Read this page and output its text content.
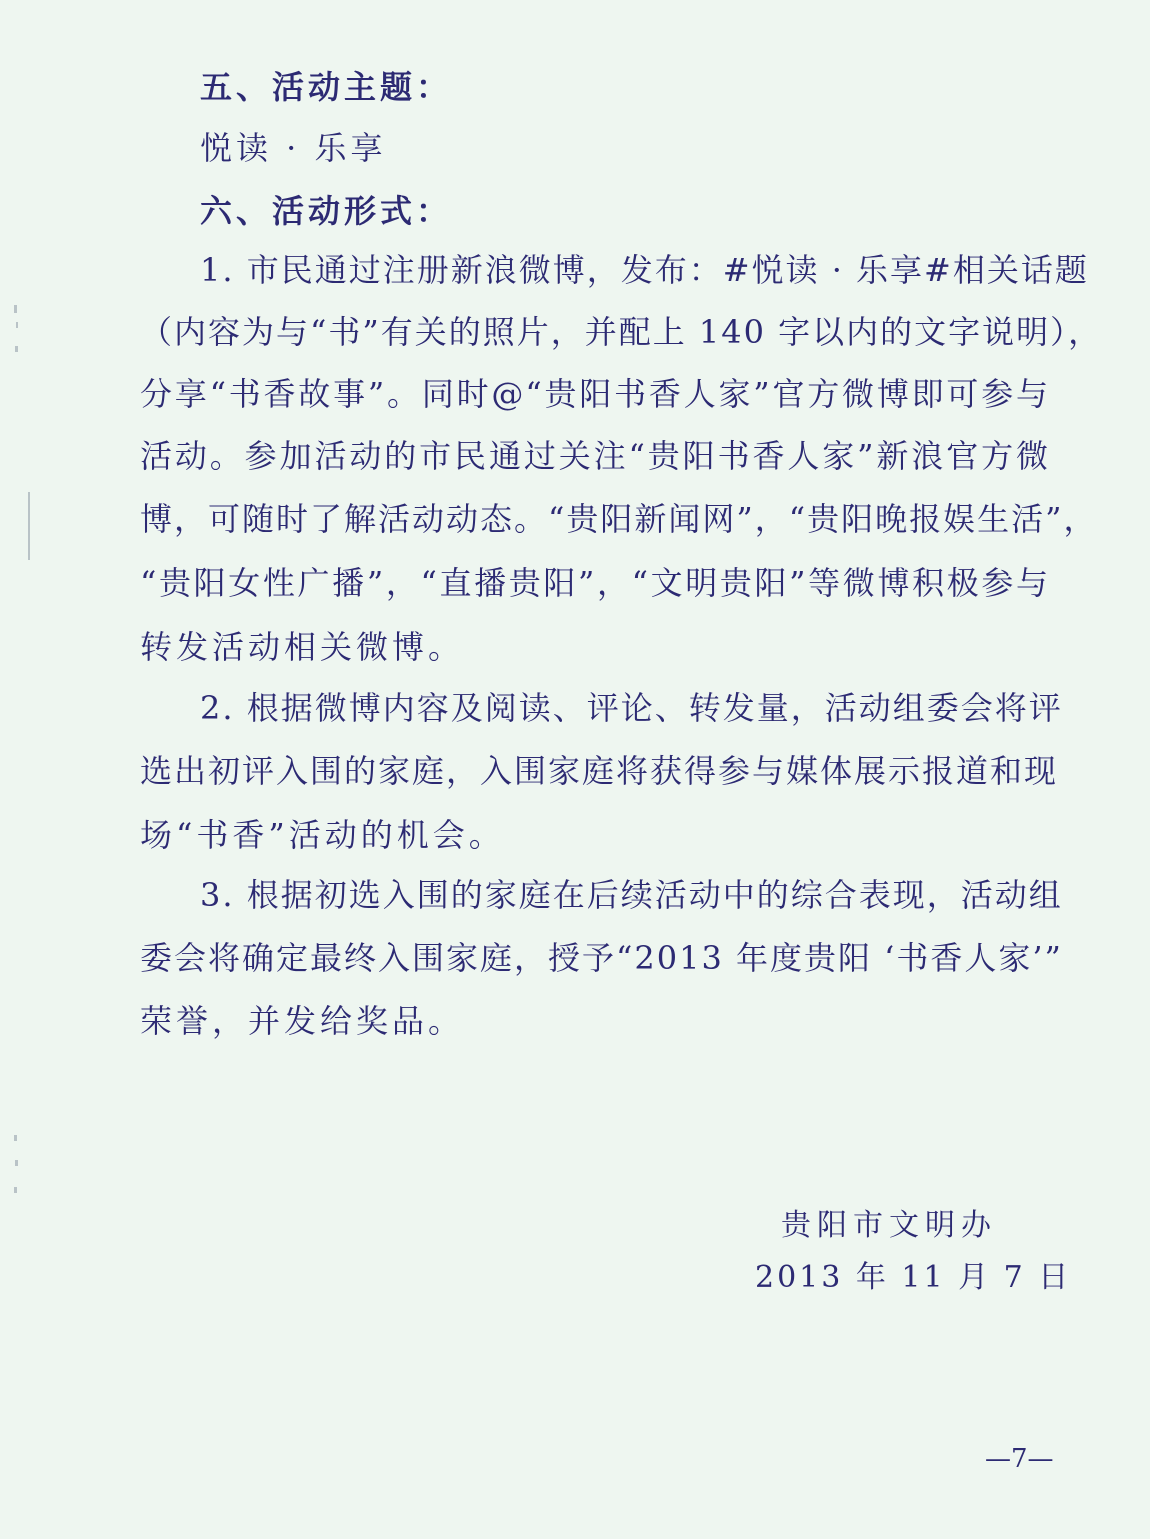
五、活动主题：
悦读 · 乐享
六、活动形式：
1. 市民通过注册新浪微博，发布：#悦读 · 乐享#相关话题
（内容为与“书”有关的照片，并配上 140 字以内的文字说明），
分享“书香故事”。同时@“贵阳书香人家”官方微博即可参与
活动。参加活动的市民通过关注“贵阳书香人家”新浪官方微
博，可随时了解活动动态。“贵阳新闻网”，“贵阳晚报娱生活”，
“贵阳女性广播”，“直播贵阳”，“文明贵阳”等微博积极参与
转发活动相关微博。
2. 根据微博内容及阅读、评论、转发量，活动组委会将评
选出初评入围的家庭，入围家庭将获得参与媒体展示报道和现
场“书香”活动的机会。
3. 根据初选入围的家庭在后续活动中的综合表现，活动组
委会将确定最终入围家庭，授予“2013 年度贵阳 ‘书香人家’”
荣誉，并发给奖品。
贵阳市文明办
2013 年 11 月 7 日
—7—
